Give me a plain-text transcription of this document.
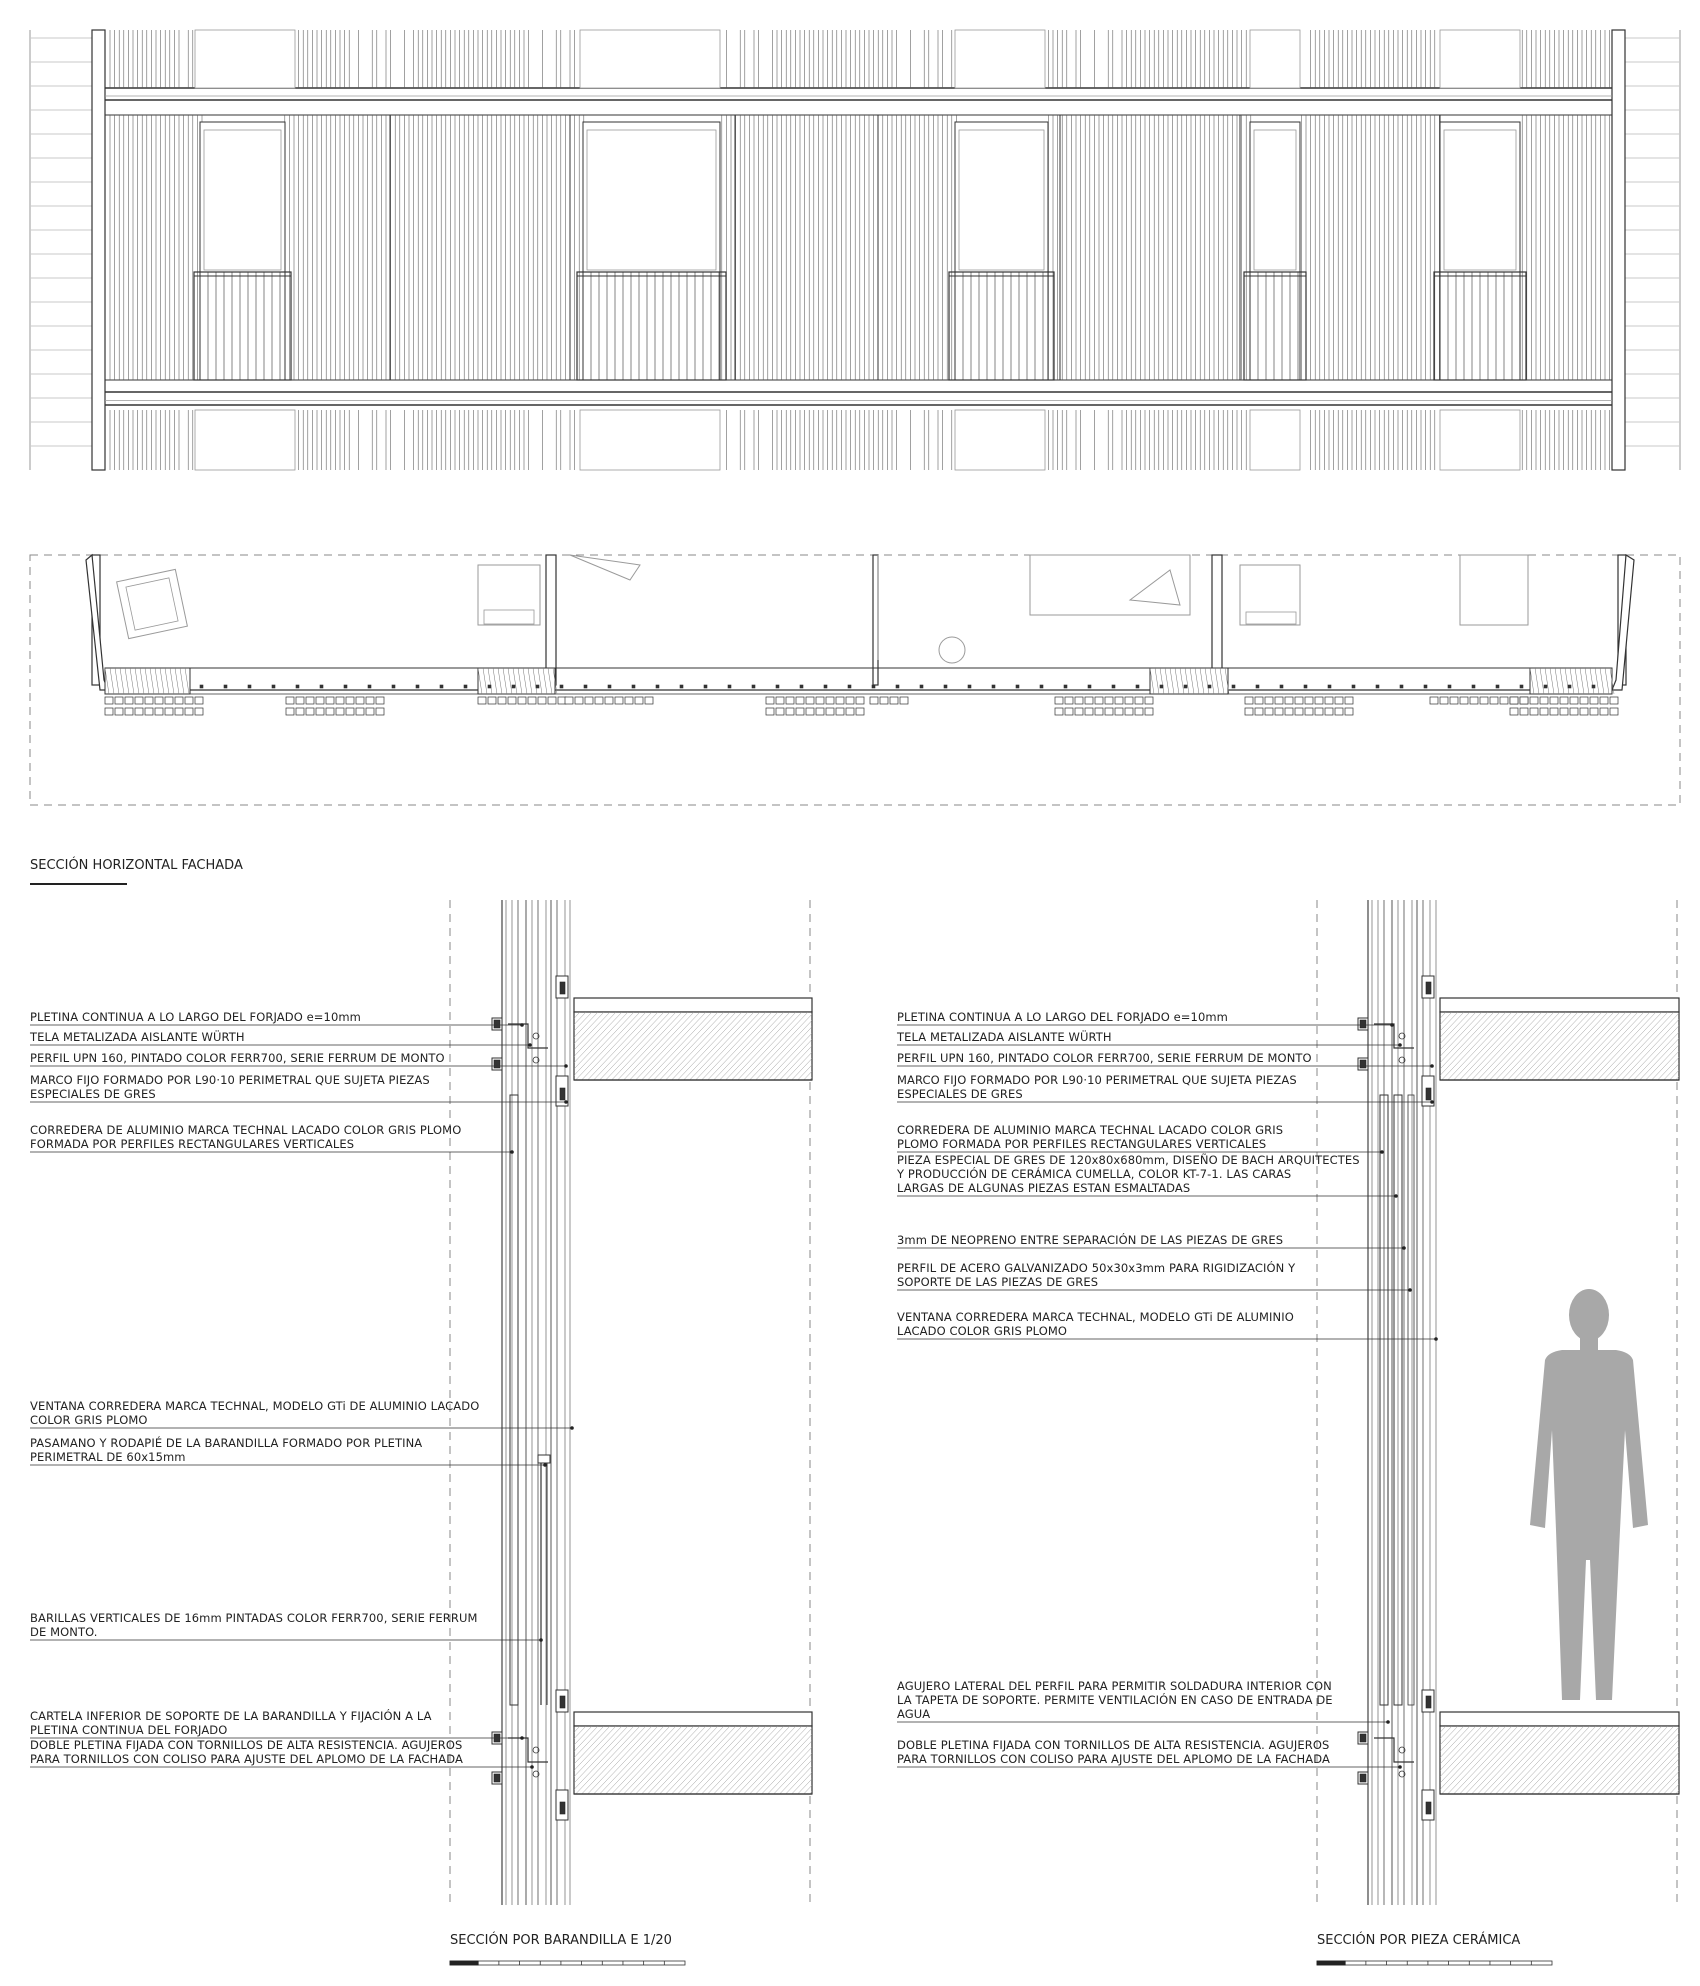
SECCIÓN HORIZONTAL FACHADA
PLETINA CONTINUA A LO LARGO DEL FORJADO e=10mm
TELA METALIZADA AISLANTE WÜRTH
PERFIL UPN 160, PINTADO COLOR FERR700, SERIE FERRUM DE MONTO
MARCO FIJO FORMADO POR L90·10 PERIMETRAL QUE SUJETA PIEZAS
ESPECIALES DE GRES
CORREDERA DE ALUMINIO MARCA TECHNAL LACADO COLOR GRIS PLOMO
FORMADA POR PERFILES RECTANGULARES VERTICALES
VENTANA CORREDERA MARCA TECHNAL, MODELO GTi DE ALUMINIO LACADO
COLOR GRIS PLOMO
PASAMANO Y RODAPIÉ DE LA BARANDILLA FORMADO POR PLETINA
PERIMETRAL DE 60x15mm
BARILLAS VERTICALES DE 16mm PINTADAS COLOR FERR700, SERIE FERRUM
DE MONTO.
CARTELA INFERIOR DE SOPORTE DE LA BARANDILLA Y FIJACIÓN A LA
PLETINA CONTINUA DEL FORJADO
DOBLE PLETINA FIJADA CON TORNILLOS DE ALTA RESISTENCIA. AGUJEROS
PARA TORNILLOS CON COLISO PARA AJUSTE DEL APLOMO DE LA FACHADA
PLETINA CONTINUA A LO LARGO DEL FORJADO e=10mm
TELA METALIZADA AISLANTE WÜRTH
PERFIL UPN 160, PINTADO COLOR FERR700, SERIE FERRUM DE MONTO
MARCO FIJO FORMADO POR L90·10 PERIMETRAL QUE SUJETA PIEZAS
ESPECIALES DE GRES
CORREDERA DE ALUMINIO MARCA TECHNAL LACADO COLOR GRIS
PLOMO FORMADA POR PERFILES RECTANGULARES VERTICALES
PIEZA ESPECIAL DE GRES DE 120x80x680mm, DISEÑO DE BACH ARQUITECTES
Y PRODUCCIÓN DE CERÁMICA CUMELLA, COLOR KT-7-1. LAS CARAS
LARGAS DE ALGUNAS PIEZAS ESTAN ESMALTADAS
3mm DE NEOPRENO ENTRE SEPARACIÓN DE LAS PIEZAS DE GRES
PERFIL DE ACERO GALVANIZADO 50x30x3mm PARA RIGIDIZACIÓN Y
SOPORTE DE LAS PIEZAS DE GRES
VENTANA CORREDERA MARCA TECHNAL, MODELO GTi DE ALUMINIO
LACADO COLOR GRIS PLOMO
AGUJERO LATERAL DEL PERFIL PARA PERMITIR SOLDADURA INTERIOR CON
LA TAPETA DE SOPORTE. PERMITE VENTILACIÓN EN CASO DE ENTRADA DE
AGUA
DOBLE PLETINA FIJADA CON TORNILLOS DE ALTA RESISTENCIA. AGUJEROS
PARA TORNILLOS CON COLISO PARA AJUSTE DEL APLOMO DE LA FACHADA
SECCIÓN POR BARANDILLA E 1/20	SECCIÓN POR PIEZA CERÁMICA
